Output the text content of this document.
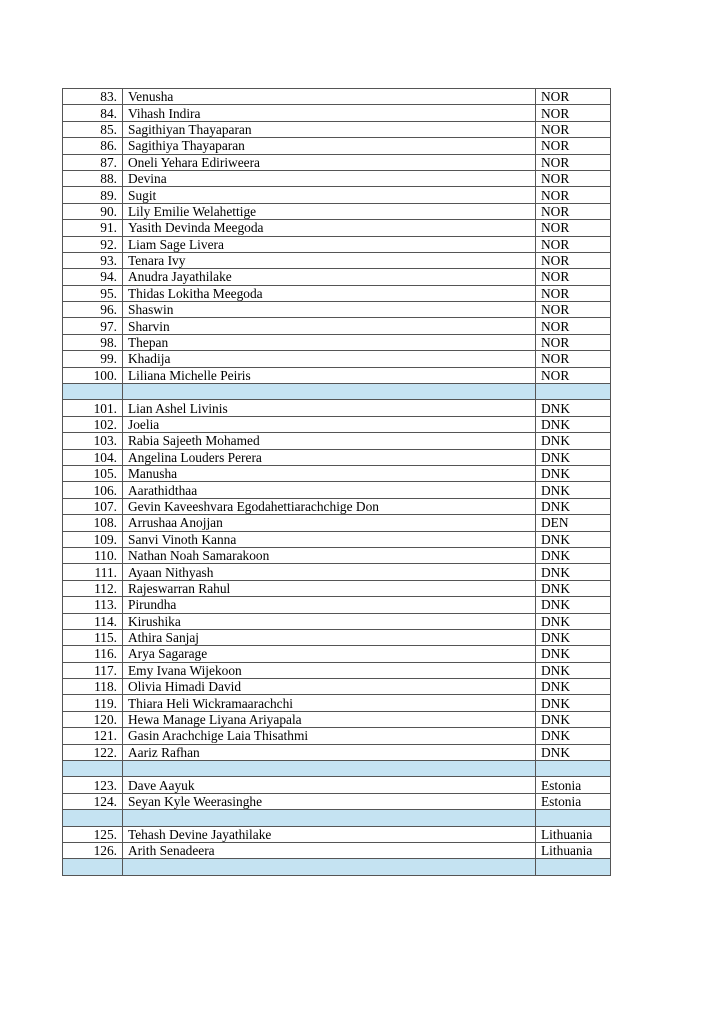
83.	Venusha	NOR
84.	Vihash Indira	NOR
85.	Sagithiyan Thayaparan	NOR
86.	Sagithiya Thayaparan	NOR
87.	Oneli Yehara Ediriweera	NOR
88.	Devina	NOR
89.	Sugit	NOR
90.	Lily Emilie Welahettige	NOR
91.	Yasith Devinda Meegoda	NOR
92.	Liam Sage Livera	NOR
93.	Tenara Ivy	NOR
94.	Anudra Jayathilake	NOR
95.	Thidas Lokitha Meegoda	NOR
96.	Shaswin	NOR
97.	Sharvin	NOR
98.	Thepan	NOR
99.	Khadija	NOR
100.	Liliana Michelle Peiris	NOR

101.	Lian Ashel Livinis	DNK
102.	Joelia	DNK
103.	Rabia Sajeeth Mohamed	DNK
104.	Angelina Louders Perera	DNK
105.	Manusha	DNK
106.	Aarathidthaa	DNK
107.	Gevin Kaveeshvara Egodahettiarachchige Don	DNK
108.	Arrushaa Anojjan	DEN
109.	Sanvi Vinoth Kanna	DNK
110.	Nathan Noah Samarakoon	DNK
111.	Ayaan Nithyash	DNK
112.	Rajeswarran Rahul	DNK
113.	Pirundha	DNK
114.	Kirushika	DNK
115.	Athira Sanjaj	DNK
116.	Arya Sagarage	DNK
117.	Emy Ivana Wijekoon	DNK
118.	Olivia Himadi David	DNK
119.	Thiara Heli Wickramaarachchi	DNK
120.	Hewa Manage Liyana Ariyapala	DNK
121.	Gasin Arachchige Laia Thisathmi	DNK
122.	Aariz Rafhan	DNK

123.	Dave Aayuk	Estonia
124.	Seyan Kyle Weerasinghe	Estonia

125.	Tehash Devine Jayathilake	Lithuania
126.	Arith Senadeera	Lithuania
